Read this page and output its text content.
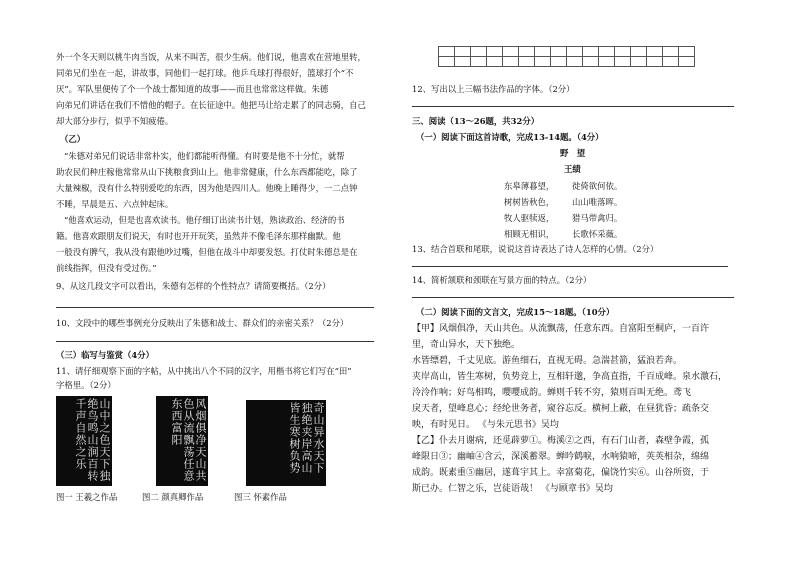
外一个冬天则以桃牛肉当饭，从来不叫苦，很少生病。他们说，他喜欢在营地里转，
同弟兄们坐在一起，讲故事，同他们一起打球。他乒乓球打得很好，篮球打个“不
厌”。军队里便传了个一个战士都知道的故事——而且也常常这样做。朱德
向弟兄们讲话在我们不惜他的帽子。在长征途中。他把马让给走累了的同志骑，自己
却大部分步行，似乎不知疲倦。
（乙）
“朱德对弟兄们说话非常朴实，他们都能听得懂。有时要是他不十分忙，就帮
助农民们种庄稼他常常从山下挑粮食到山上。他非常健康，什么东西都能吃，除了
大量辣椒，没有什么特别爱吃的东西，因为他是四川人。他晚上睡得少，一二点钟
不睡，早晨是五、六点钟起床。
“他喜欢运动，但是也喜欢读书。他仔细订出读书计划，熟读政治、经济的书
籍。他喜欢跟朋友们说天，有时也开开玩笑，虽然并不像毛泽东那样幽默。他
一般没有脾气，我从没有跟他吵过嘴，但他在战斗中却要发怒。打仗时朱德总是在
前线指挥，但没有受过伤。”
9、从这几段文字可以看出，朱德有怎样的个性特点？请简要概括。（2分）
10、文段中的哪些事例充分反映出了朱德和战士、群众们的亲密关系？（2分）
（三）临写与鉴赏（4分）
11、请仔细观察下面的字帖，从中挑出八个不同的汉字，用楷书将它们写在“田”
字格里。（2分）
山中之色天下独绝鸟鸣山涧百转千声自然之乐	风烟俱净天山共色从流飘荡任意东西富阳	奇山异水天下独绝夹岸高山皆生寒树负势
图一 王羲之作品	图二 颜真卿作品	图三 怀素作品

12、写出以上三幅书法作品的字体。（2分）
三、阅读（13～26题，共32分）
（一）阅读下面这首诗歌，完成13-14题。（4分）
野　望
王绩
东皋薄暮望， 徙倚欲何依。
树树皆秋色， 山山唯落晖。
牧人驱犊返， 猎马带禽归。
相顾无相识， 长歌怀采薇。
13、结合首联和尾联，说说这首诗表达了诗人怎样的心情。（2分）
14、简析颔联和颈联在写景方面的特点。（2分）
（二）阅读下面的文言文，完成15～18题。（10分）
【甲】风烟俱净，天山共色。从流飘荡，任意东西。自富阳至桐庐，一百许
里，奇山异水，天下独绝。
水皆缥碧，千丈见底。游鱼细石，直视无碍。急湍甚箭，猛浪若奔。
夹岸高山，皆生寒树，负势竞上，互相轩邈，争高直指，千百成峰。泉水激石，
泠泠作响；好鸟相鸣，嘤嘤成韵。蝉则千转不穷，猿则百叫无绝。鸢飞
戾天者，望峰息心；经纶世务者，窥谷忘反。横柯上蔽，在昼犹昏；疏条交
映，有时见日。 《与朱元思书》吴均
【乙】仆去月谢病，还觅薜萝①。梅溪②之西，有石门山者，森壁争霞，孤
峰限日③；幽岫④含云，深溪蓄翠。蝉吟鹤唳，水响猿啼，英英相杂，绵绵
成韵。既素重⑤幽居，遂葺宇其上。幸富菊花，偏饶竹实⑥。山谷所资，于
斯已办。仁智之乐，岂徒语哉！ 《与顾章书》吴均
